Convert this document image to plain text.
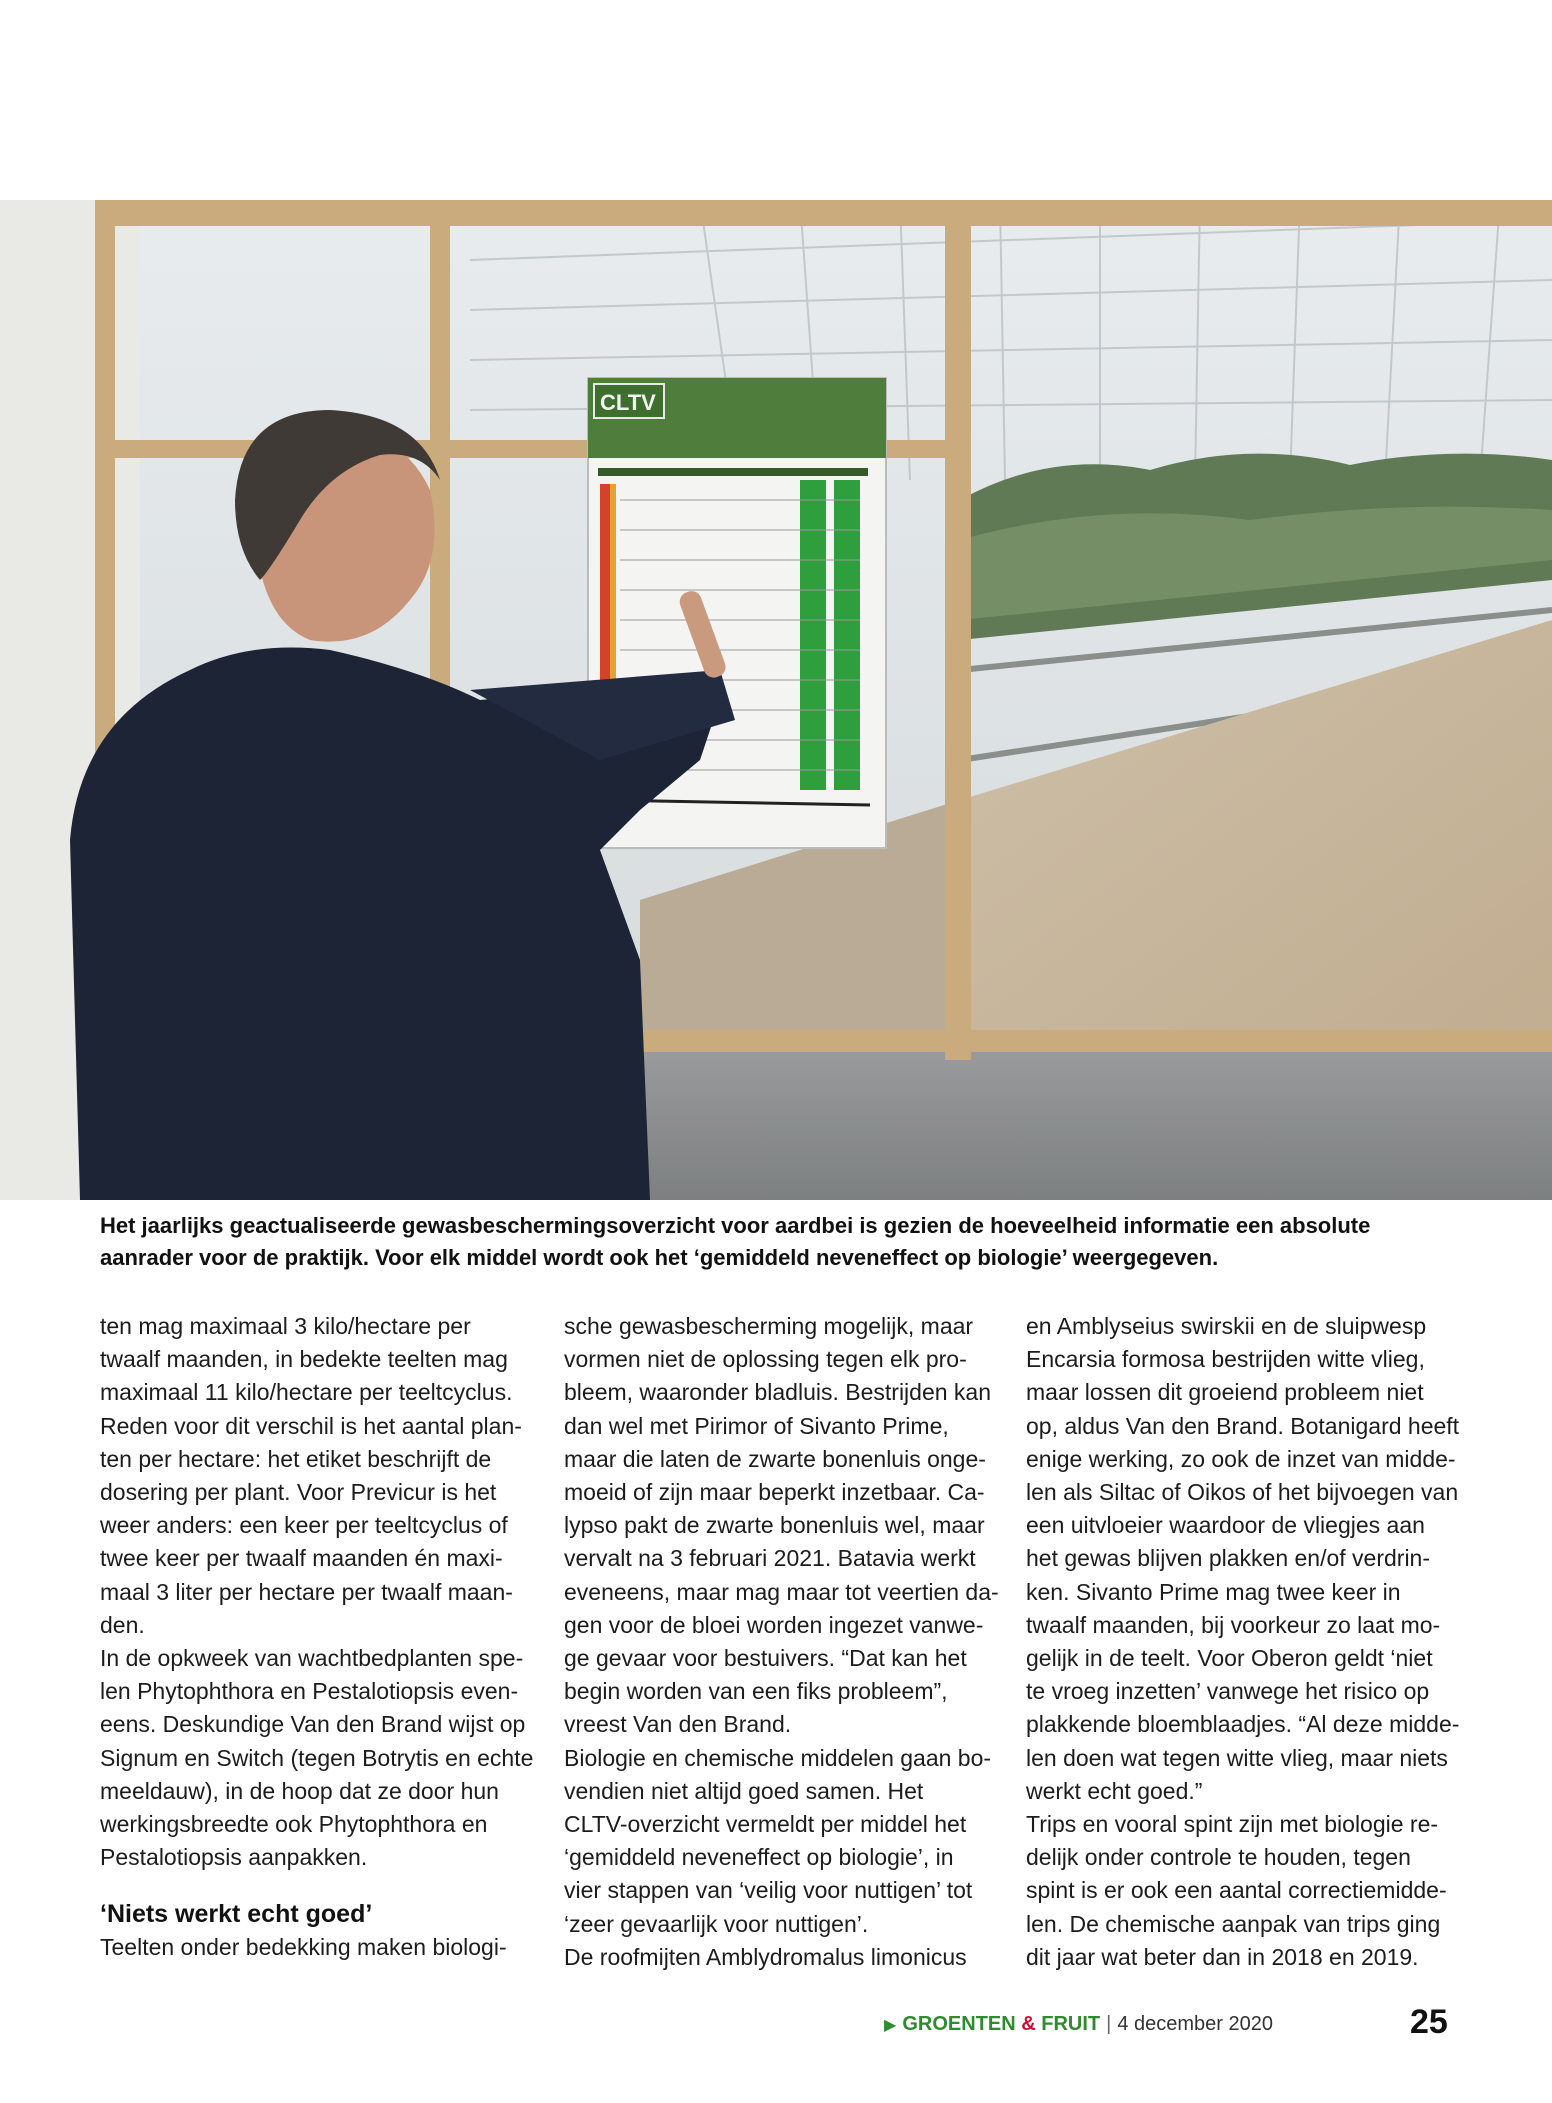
CLTV
Het jaarlijks geactualiseerde gewasbeschermingsoverzicht voor aardbei is gezien de hoeveelheid informatie een absolute
aanrader voor de praktijk. Voor elk middel wordt ook het ‘gemiddeld neveneffect op biologie’ weergegeven.
ten mag maximaal 3 kilo/hectare per
twaalf maanden, in bedekte teelten mag
maximaal 11 kilo/hectare per teeltcyclus.
Reden voor dit verschil is het aantal plan-
ten per hectare: het etiket beschrijft de
dosering per plant. Voor Previcur is het
weer anders: een keer per teeltcyclus of
twee keer per twaalf maanden én maxi-
maal 3 liter per hectare per twaalf maan-
den.
In de opkweek van wachtbedplanten spe-
len Phytophthora en Pestalotiopsis even-
eens. Deskundige Van den Brand wijst op
Signum en Switch (tegen Botrytis en echte
meeldauw), in de hoop dat ze door hun
werkingsbreedte ook Phytophthora en
Pestalotiopsis aanpakken.
‘Niets werkt echt goed’
Teelten onder bedekking maken biologi-
sche gewasbescherming mogelijk, maar
vormen niet de oplossing tegen elk pro-
bleem, waaronder bladluis. Bestrijden kan
dan wel met Pirimor of Sivanto Prime,
maar die laten de zwarte bonenluis onge-
moeid of zijn maar beperkt inzetbaar. Ca-
lypso pakt de zwarte bonenluis wel, maar
vervalt na 3 februari 2021. Batavia werkt
eveneens, maar mag maar tot veertien da-
gen voor de bloei worden ingezet vanwe-
ge gevaar voor bestuivers. “Dat kan het
begin worden van een fiks probleem”,
vreest Van den Brand.
Biologie en chemische middelen gaan bo-
vendien niet altijd goed samen. Het
CLTV-overzicht vermeldt per middel het
‘gemiddeld neveneffect op biologie’, in
vier stappen van ‘veilig voor nuttigen’ tot
‘zeer gevaarlijk voor nuttigen’.
De roofmijten Amblydromalus limonicus
en Amblyseius swirskii en de sluipwesp
Encarsia formosa bestrijden witte vlieg,
maar lossen dit groeiend probleem niet
op, aldus Van den Brand. Botanigard heeft
enige werking, zo ook de inzet van midde-
len als Siltac of Oikos of het bijvoegen van
een uitvloeier waardoor de vliegjes aan
het gewas blijven plakken en/of verdrin-
ken. Sivanto Prime mag twee keer in
twaalf maanden, bij voorkeur zo laat mo-
gelijk in de teelt. Voor Oberon geldt ‘niet
te vroeg inzetten’ vanwege het risico op
plakkende bloemblaadjes. “Al deze midde-
len doen wat tegen witte vlieg, maar niets
werkt echt goed.”
Trips en vooral spint zijn met biologie re-
delijk onder controle te houden, tegen
spint is er ook een aantal correctiemidde-
len. De chemische aanpak van trips ging
dit jaar wat beter dan in 2018 en 2019.
▶ GROENTEN & FRUIT | 4 december 2020	25
